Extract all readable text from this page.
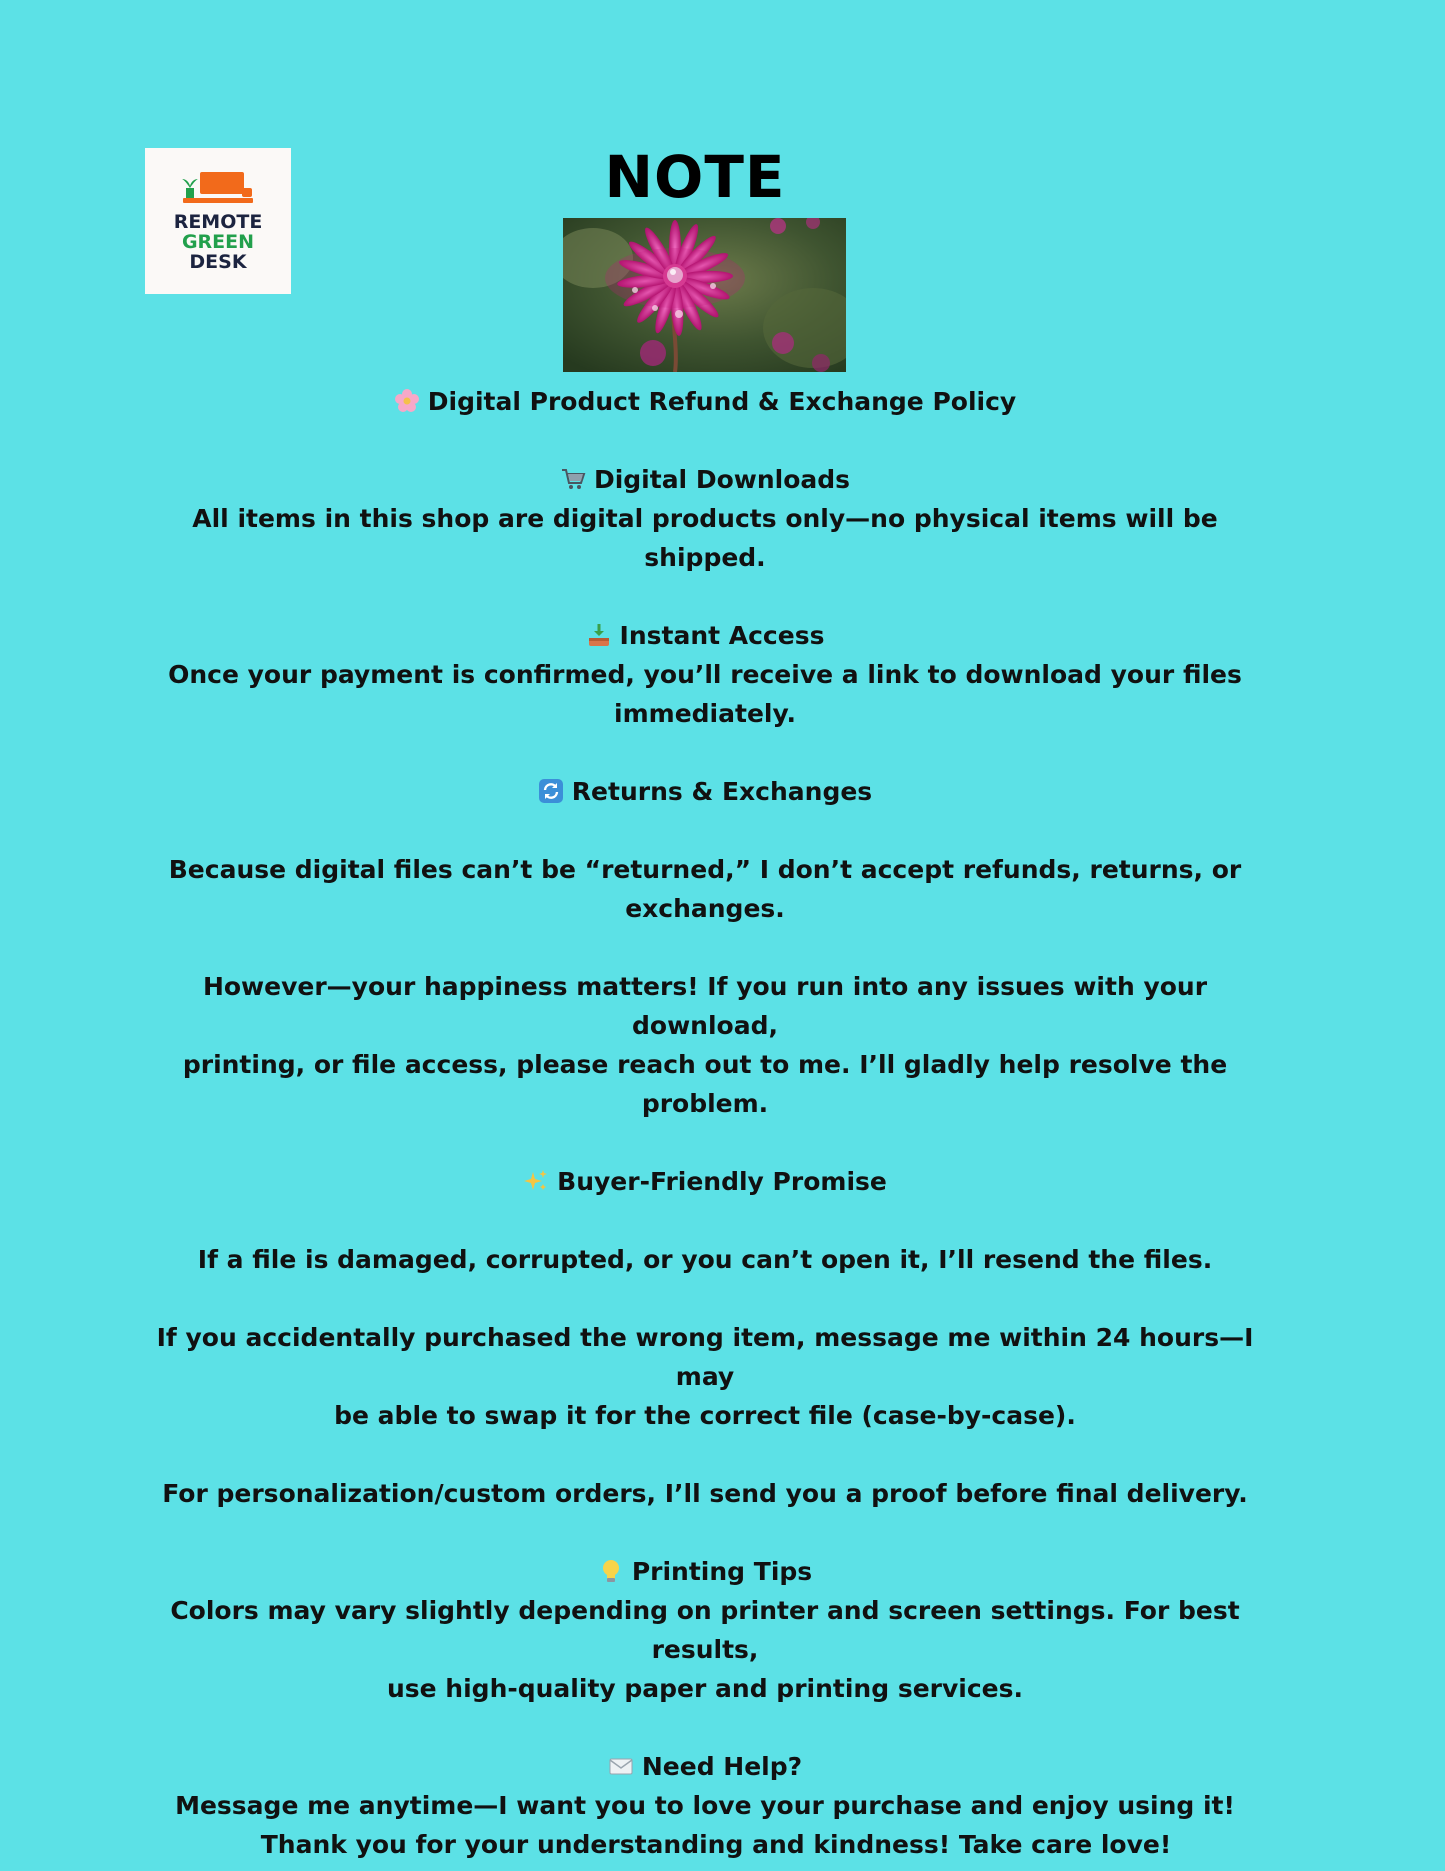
REMOTE
GREEN
DESK
NOTE

Digital Product Refund & Exchange Policy

Digital Downloads

All items in this shop are digital products only—no physical items will be shipped.

Instant Access

Once your payment is confirmed, you’ll receive a link to download your files

immediately.

Returns & Exchanges

Because digital files can’t be “returned,” I don’t accept refunds, returns, or

exchanges.

However—your happiness matters! If you run into any issues with your download,

printing, or file access, please reach out to me. I’ll gladly help resolve the problem.

Buyer-Friendly Promise

If a file is damaged, corrupted, or you can’t open it, I’ll resend the files.

If you accidentally purchased the wrong item, message me within 24 hours—I may

be able to swap it for the correct file (case-by-case).

For personalization/custom orders, I’ll send you a proof before final delivery.

Printing Tips

Colors may vary slightly depending on printer and screen settings. For best results,

use high-quality paper and printing services.

Need Help?

Message me anytime—I want you to love your purchase and enjoy using it!

Thank you for your understanding and kindness! Take care love!
